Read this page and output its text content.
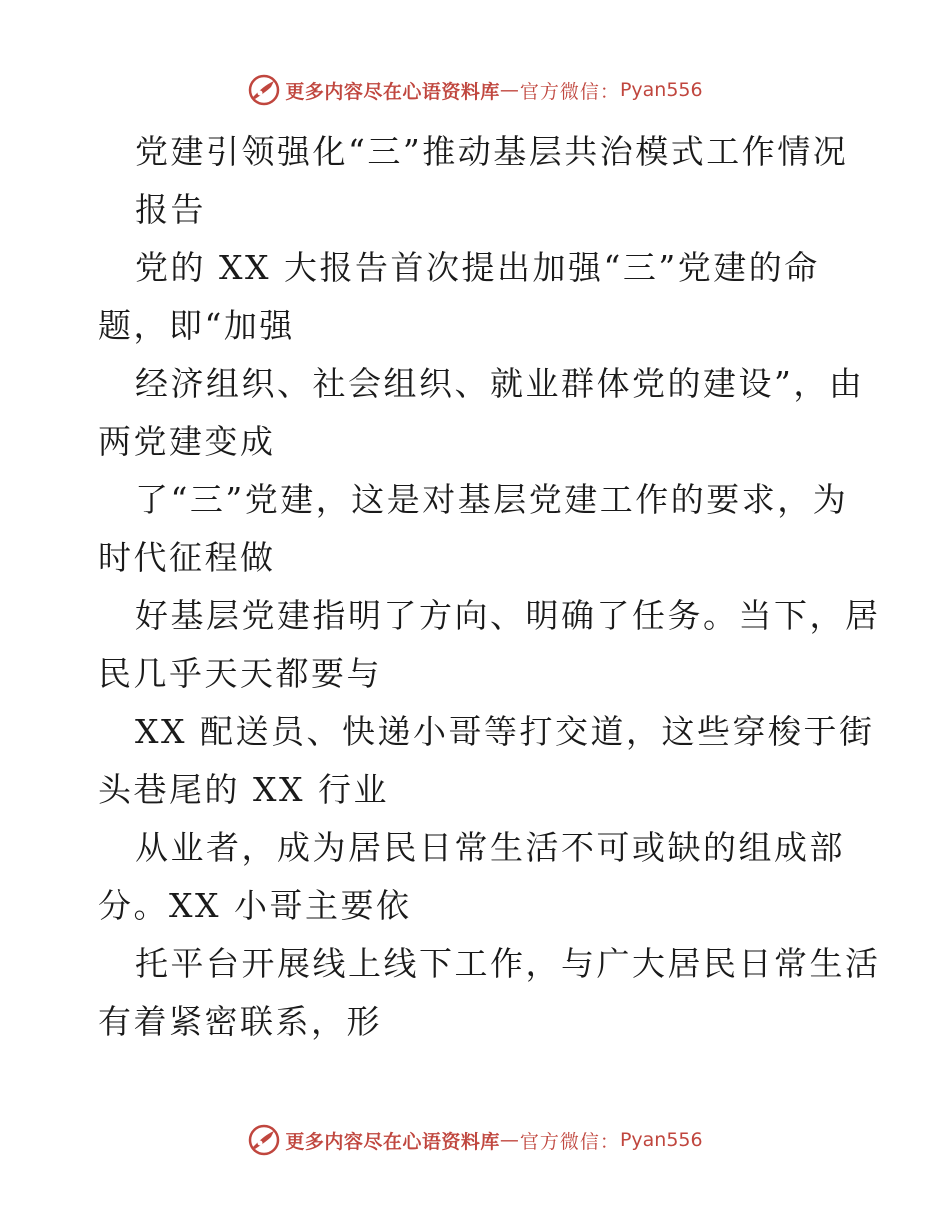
更多内容尽在心语资料库 — 官方微信： Pyan556
党建引领强化“三”推动基层共治模式工作情况
报告
党的 XX 大报告首次提出加强“三”党建的命
题，即“加强
经济组织、社会组织、就业群体党的建设”，由
两党建变成
了“三”党建，这是对基层党建工作的要求，为
时代征程做
好基层党建指明了方向、明确了任务。当下，居
民几乎天天都要与
XX 配送员、快递小哥等打交道，这些穿梭于街
头巷尾的 XX 行业
从业者，成为居民日常生活不可或缺的组成部
分。XX 小哥主要依
托平台开展线上线下工作，与广大居民日常生活
有着紧密联系，形
更多内容尽在心语资料库 — 官方微信： Pyan556
